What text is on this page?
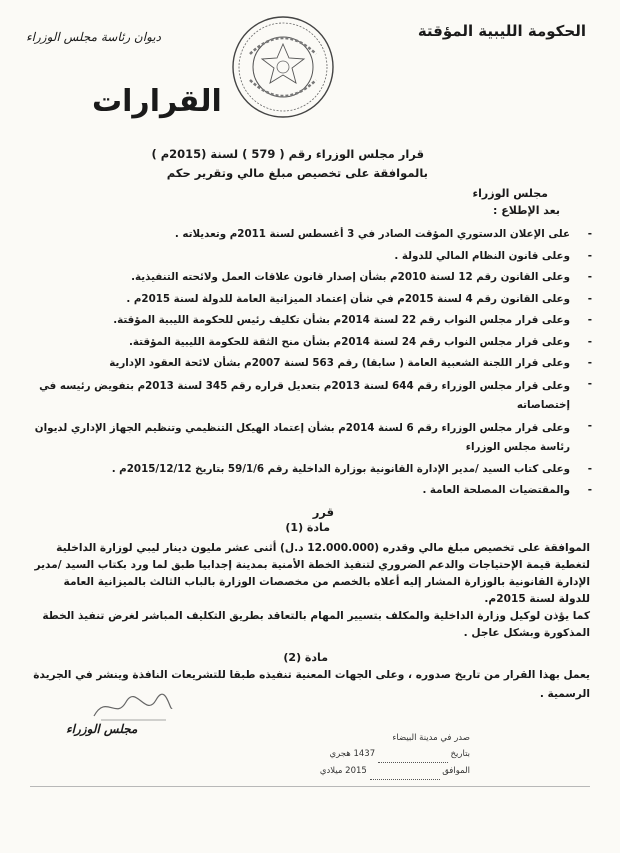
الحكومة الليبية المؤقتة
ديوان رئاسة مجلس الوزراء
القرارات
قرار مجلس الوزراء رقم ( 579 ) لسنة (2015م )
بالموافقة على تخصيص مبلغ مالي وتقرير حكم
مجلس الوزراء
بعد الإطلاع :
-
على الإعلان الدستوري المؤقت الصادر في 3 أغسطس لسنة 2011م وتعديلاته .
-
وعلى قانون النظام المالي للدولة .
-
وعلى القانون رقم 12 لسنة 2010م بشأن إصدار قانون علاقات العمل ولائحته التنفيذية.
-
وعلى القانون رقم 4 لسنة 2015م في شأن إعتماد الميزانية العامة للدولة لسنة 2015م .
-
وعلى قرار مجلس النواب رقم 22 لسنة 2014م بشأن تكليف رئيس للحكومة الليبية المؤقتة.
-
وعلى قرار مجلس النواب رقم 24 لسنة 2014م بشأن منح الثقة للحكومة الليبية المؤقتة.
-
وعلى قرار اللجنة الشعبية العامة ( سابقا) رقم 563 لسنة 2007م بشأن لائحة العقود الإدارية
-
وعلى قرار مجلس الوزراء رقم 644 لسنة 2013م بتعديل قراره رقم 345 لسنة 2013م بتفويض رئيسه في إختصاصاته
-
وعلى قرار مجلس الوزراء رقم 6 لسنة 2014م بشأن إعتماد الهيكل التنظيمي وتنظيم الجهاز الإداري لديوان رئاسة مجلس الوزراء
-
وعلى كتاب السيد /مدير الإدارة القانونية بوزارة الداخلية رقم 59/1/6 بتاريخ 2015/12/12م .
-
والمقتضيات المصلحة العامة .
قرر
مادة (1)
الموافقة على تخصيص مبلغ مالي وقدره (12.000.000 د.ل) أثنى عشر مليون دينار ليبي لوزارة الداخلية لتغطية قيمة الإحتياجات والدعم الضروري لتنفيذ الخطة الأمنية بمدينة إجدابيا طبق لما ورد بكتاب السيد /مدير الإدارة القانونية بالوزارة المشار إليه أعلاه بالخصم من مخصصات الوزارة بالباب الثالث بالميزانية العامة للدولة لسنة 2015م.
كما يؤذن لوكيل وزارة الداخلية والمكلف بتسيير المهام بالتعاقد بطريق التكليف المباشر لغرض تنفيذ الخطة المذكورة وبشكل عاجل .
مادة (2)
يعمل بهذا القرار من تاريخ صدوره ، وعلى الجهات المعنية تنفيذه طبقا للتشريعات النافذة وينشر في الجريدة الرسمية .
مجلس الوزراء
صدر في مدينة البيضاء
بتاريخ   1437 هجري
الموافق   2015 ميلادي
